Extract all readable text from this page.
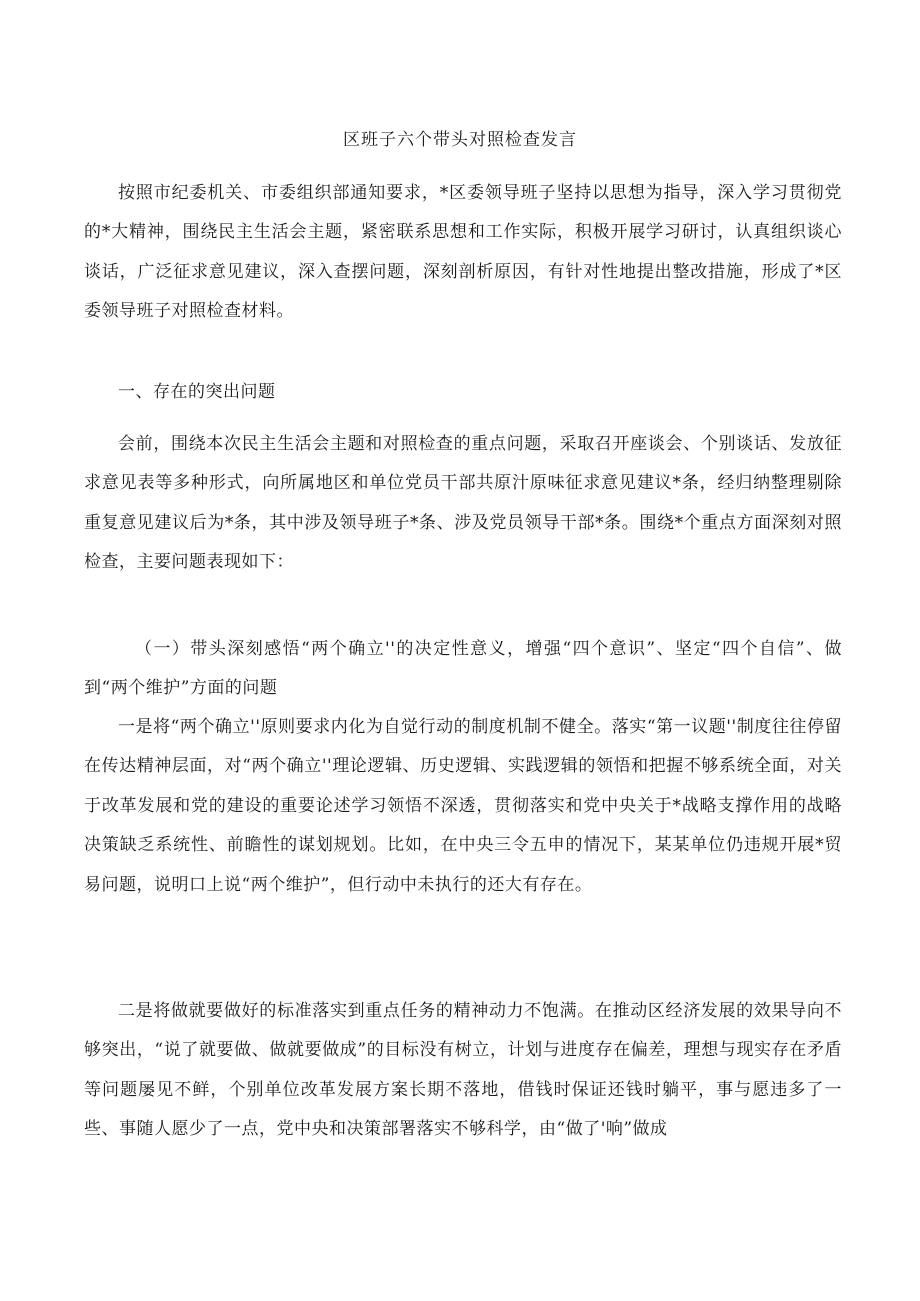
区班子六个带头对照检查发言

按照市纪委机关、市委组织部通知要求，*区委领导班子坚持以思想为指导，深入学习贯彻党的*大精神，围绕民主生活会主题，紧密联系思想和工作实际，积极开展学习研讨，认真组织谈心谈话，广泛征求意见建议，深入查摆问题，深刻剖析原因，有针对性地提出整改措施，形成了*区委领导班子对照检查材料。

一、存在的突出问题

会前，围绕本次民主生活会主题和对照检查的重点问题，采取召开座谈会、个别谈话、发放征求意见表等多种形式，向所属地区和单位党员干部共原汁原味征求意见建议*条，经归纳整理剔除重复意见建议后为*条，其中涉及领导班子*条、涉及党员领导干部*条。围绕*个重点方面深刻对照检查，主要问题表现如下：

（一）带头深刻感悟“两个确立''的决定性意义，增强“四个意识”、坚定“四个自信”、做到“两个维护”方面的问题

一是将“两个确立''原则要求内化为自觉行动的制度机制不健全。落实“第一议题''制度往往停留在传达精神层面，对“两个确立''理论逻辑、历史逻辑、实践逻辑的领悟和把握不够系统全面，对关于改革发展和党的建设的重要论述学习领悟不深透，贯彻落实和党中央关于*战略支撑作用的战略决策缺乏系统性、前瞻性的谋划规划。比如，在中央三令五申的情况下，某某单位仍违规开展*贸易问题，说明口上说“两个维护”，但行动中未执行的还大有存在。

二是将做就要做好的标准落实到重点任务的精神动力不饱满。在推动区经济发展的效果导向不够突出，“说了就要做、做就要做成”的目标没有树立，计划与进度存在偏差，理想与现实存在矛盾等问题屡见不鲜，个别单位改革发展方案长期不落地，借钱时保证还钱时躺平，事与愿违多了一些、事随人愿少了一点，党中央和决策部署落实不够科学，由“做了'响”做成
